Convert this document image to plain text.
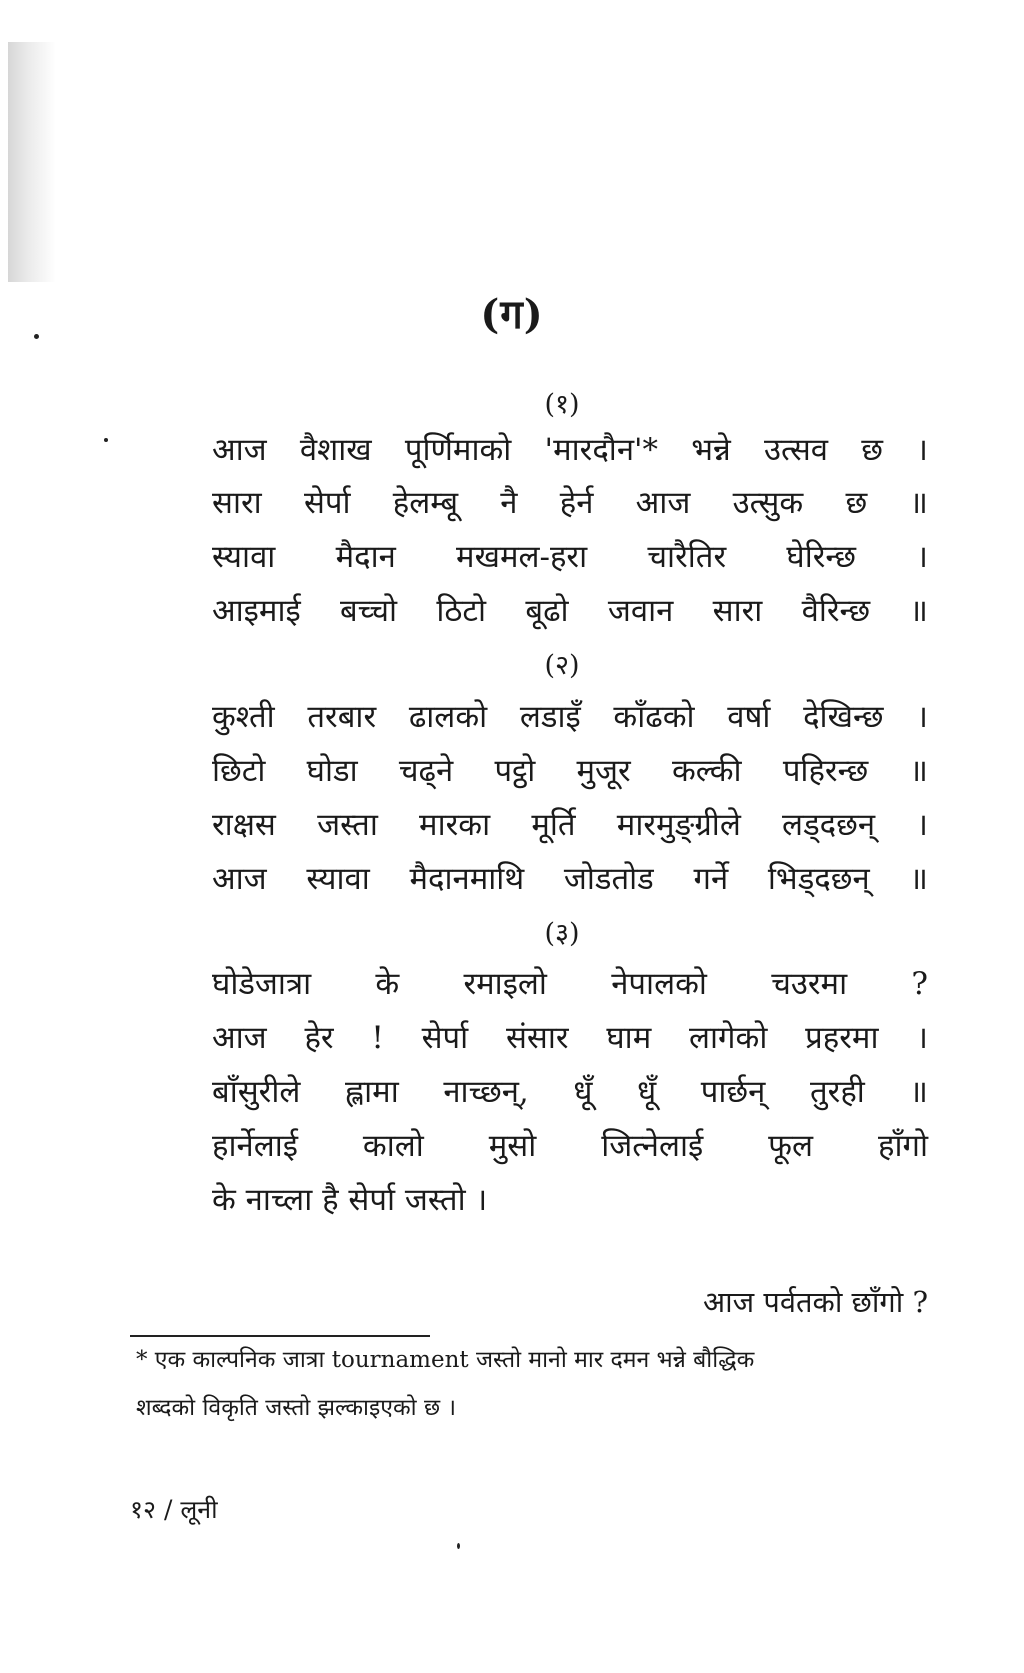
(ग)
(१)
आज वैशाख पूर्णिमाको 'मारदौन'* भन्ने उत्सव छ ।
सारा सेर्पा हेलम्बू नै हेर्न आज उत्सुक छ ॥
स्यावा मैदान मखमल-हरा चारैतिर घेरिन्छ ।
आइमाई बच्चो ठिटो बूढो जवान सारा वैरिन्छ ॥
(२)
कुश्ती तरबार ढालको लडाइँ काँढको वर्षा देखिन्छ ।
छिटो घोडा चढ्ने पट्ठो मुजूर कल्की पहिरन्छ ॥
राक्षस जस्ता मारका मूर्ति मारमुङ्ग्रीले लड्दछन् ।
आज स्यावा मैदानमाथि जोडतोड गर्ने भिड्दछन् ॥
(३)
घोडेजात्रा के रमाइलो नेपालको चउरमा ?
आज हेर ! सेर्पा संसार घाम लागेको प्रहरमा ।
बाँसुरीले ह्लामा नाच्छन्, धूँ धूँ पार्छन् तुरही ॥
हार्नेलाई कालो मुसो जित्नेलाई फूल हाँगो
के नाच्ला है सेर्पा जस्तो ।
आज पर्वतको छाँगो ?
* एक काल्पनिक जात्रा tournament जस्तो मानो मार दमन भन्ने बौद्धिक
शब्दको विकृति जस्तो झल्काइएको छ ।
१२ / लूनी
